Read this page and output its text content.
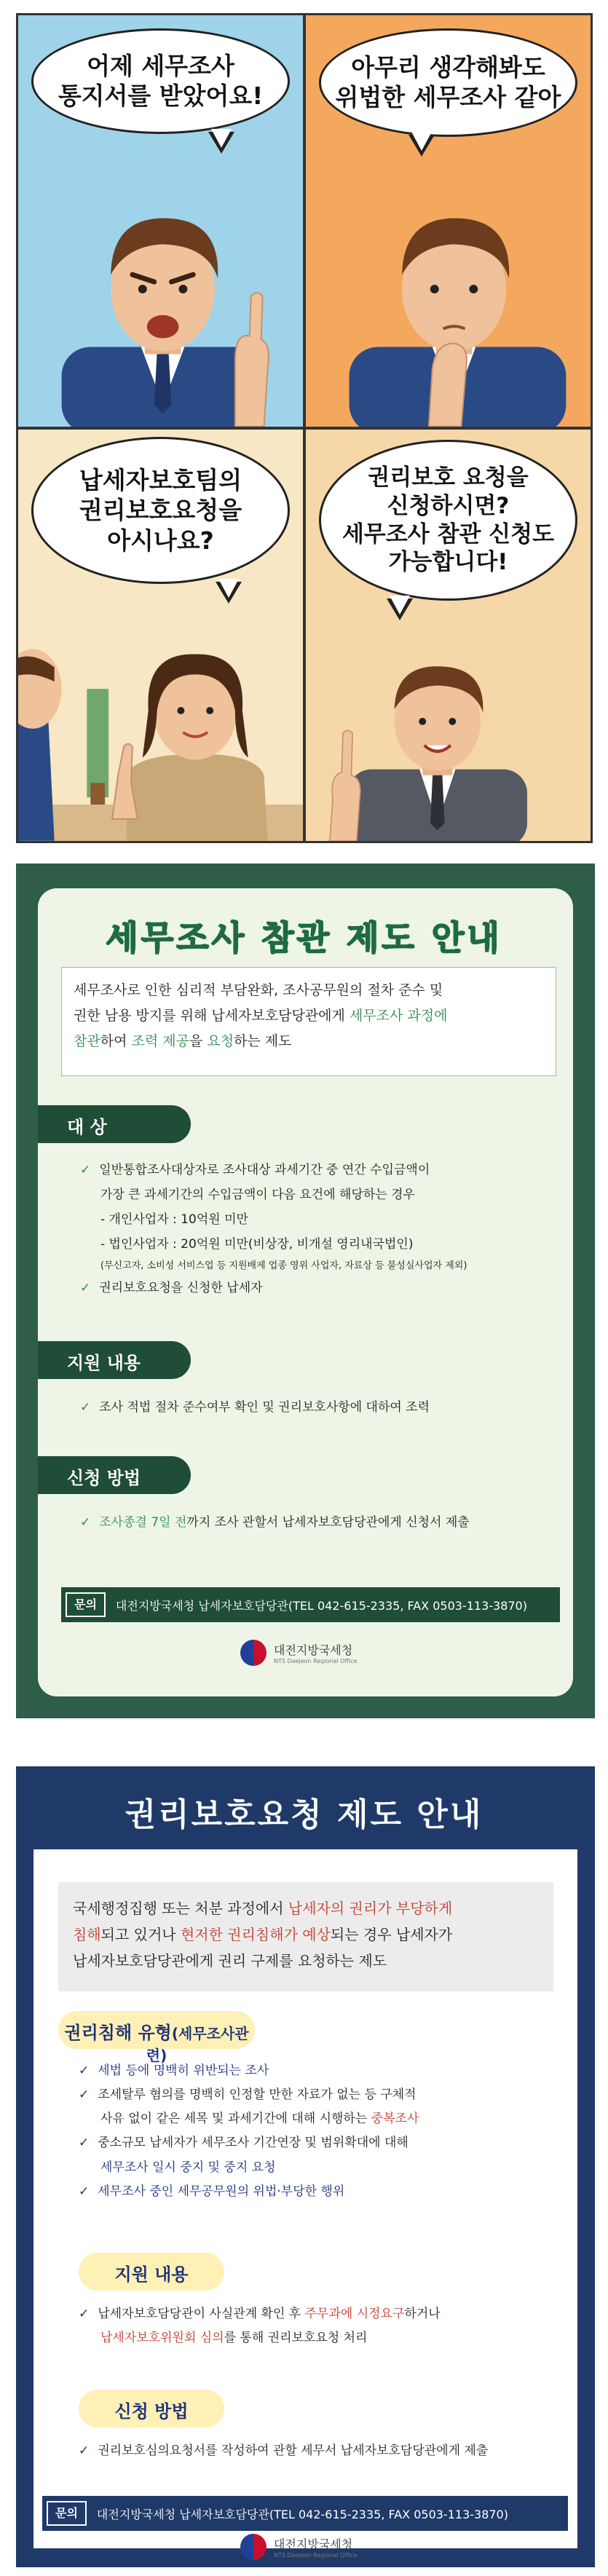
어제 세무조사
통지서를 받았어요!
아무리 생각해봐도
위법한 세무조사 같아
납세자보호팀의
권리보호요청을
아시나요?
권리보호 요청을
신청하시면?
세무조사 참관 신청도
가능합니다!
세무조사 참관 제도 안내
세무조사로 인한 심리적 부담완화, 조사공무원의 절차 준수 및
권한 남용 방지를 위해 납세자보호담당관에게 세무조사 과정에
참관하여 조력 제공을 요청하는 제도
대 상
✓ 일반통합조사대상자로 조사대상 과세기간 중 연간 수입금액이
가장 큰 과세기간의 수입금액이 다음 요건에 해당하는 경우
- 개인사업자 : 10억원 미만
- 법인사업자 : 20억원 미만(비상장, 비개설 영리내국법인)
(무신고자, 소비성 서비스업 등 지원배제 업종 영위 사업자, 자료상 등 불성실사업자 제외)
✓ 권리보호요청을 신청한 납세자
지원 내용
✓ 조사 적법 절차 준수여부 확인 및 권리보호사항에 대하여 조력
신청 방법
✓ 조사종결 7일 전까지 조사 관할서 납세자보호담당관에게 신청서 제출
문의	대전지방국세청 납세자보호담당관(TEL 042-615-2335, FAX 0503-113-3870)
대전지방국세청
NTS Daejeon Regional Office
권리보호요청 제도 안내
국세행정집행 또는 처분 과정에서 납세자의 권리가 부당하게
침해되고 있거나 현저한 권리침해가 예상되는 경우 납세자가
납세자보호담당관에게 권리 구제를 요청하는 제도
권리침해 유형(세무조사관련)
✓ 세법 등에 명백히 위반되는 조사
✓ 조세탈루 혐의를 명백히 인정할 만한 자료가 없는 등 구체적
사유 없이 같은 세목 및 과세기간에 대해 시행하는 중복조사
✓ 중소규모 납세자가 세무조사 기간연장 및 범위확대에 대해
세무조사 일시 중지 및 중지 요청
✓ 세무조사 중인 세무공무원의 위법·부당한 행위
지원 내용
✓ 납세자보호담당관이 사실관계 확인 후 주무과에 시정요구하거나
납세자보호위원회 심의를 통해 권리보호요청 처리
신청 방법
✓ 권리보호심의요청서를 작성하여 관할 세무서 납세자보호담당관에게 제출
문의	대전지방국세청 납세자보호담당관(TEL 042-615-2335, FAX 0503-113-3870)
대전지방국세청
NTS Daejeon Regional Office
